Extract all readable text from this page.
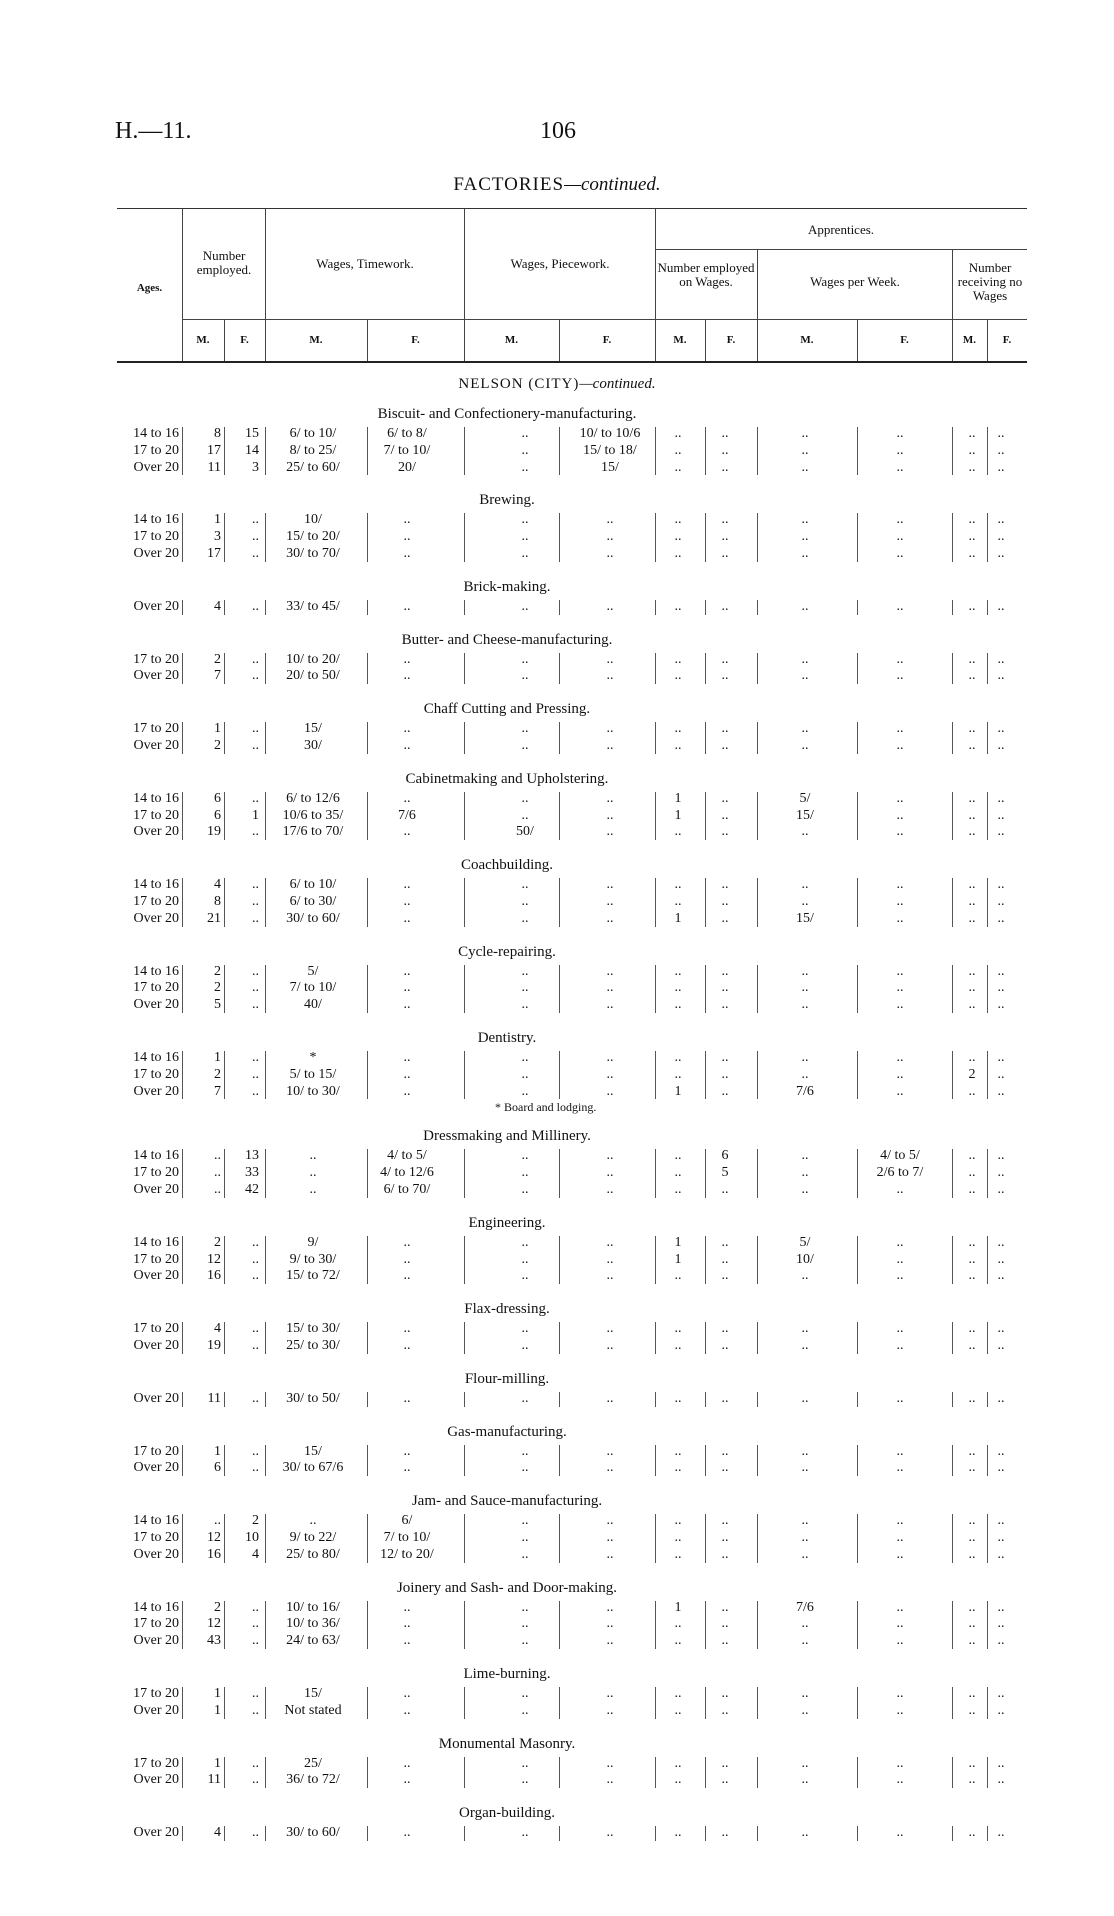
H.—11.	106
FACTORIES—continued.
Ages.
Number employed.	Wages, Timework.	Wages, Piecework.
Apprentices.
Number employed on Wages.	Wages per Week.
Number receiving no Wages
M.	F.	M.	F.	M.	F.	M.	F.	M.	F.	M.	F.
NELSON (CITY)—continued.
Biscuit- and Confectionery-manufacturing.
14 to 16	8	15	6/ to 10/	6/ to 8/	..	10/ to 10/6	..	..	..	..	..	..
17 to 20	17	14	8/ to 25/	7/ to 10/	..	15/ to 18/	..	..	..	..	..	..
Over 20	11	3	25/ to 60/	20/	..	15/	..	..	..	..	..	..
Brewing.
14 to 16	1	..	10/	..	..	..	..	..	..	..	..	..
17 to 20	3	..	15/ to 20/	..	..	..	..	..	..	..	..	..
Over 20	17	..	30/ to 70/	..	..	..	..	..	..	..	..	..
Brick-making.
Over 20	4	..	33/ to 45/	..	..	..	..	..	..	..	..	..
Butter- and Cheese-manufacturing.
17 to 20	2	..	10/ to 20/	..	..	..	..	..	..	..	..	..
Over 20	7	..	20/ to 50/	..	..	..	..	..	..	..	..	..
Chaff Cutting and Pressing.
17 to 20	1	..	15/	..	..	..	..	..	..	..	..	..
Over 20	2	..	30/	..	..	..	..	..	..	..	..	..
Cabinetmaking and Upholstering.
14 to 16	6	..	6/ to 12/6	..	..	..	1	..	5/	..	..	..
17 to 20	6	1	10/6 to 35/	7/6	..	..	1	..	15/	..	..	..
Over 20	19	..	17/6 to 70/	..	50/	..	..	..	..	..	..	..
Coachbuilding.
14 to 16	4	..	6/ to 10/	..	..	..	..	..	..	..	..	..
17 to 20	8	..	6/ to 30/	..	..	..	..	..	..	..	..	..
Over 20	21	..	30/ to 60/	..	..	..	1	..	15/	..	..	..
Cycle-repairing.
14 to 16	2	..	5/	..	..	..	..	..	..	..	..	..
17 to 20	2	..	7/ to 10/	..	..	..	..	..	..	..	..	..
Over 20	5	..	40/	..	..	..	..	..	..	..	..	..
Dentistry.
14 to 16	1	..	*	..	..	..	..	..	..	..	..	..
17 to 20	2	..	5/ to 15/	..	..	..	..	..	..	..	2	..
Over 20	7	..	10/ to 30/	..	..	..	1	..	7/6	..	..	..
* Board and lodging.
Dressmaking and Millinery.
14 to 16	..	13	..	4/ to 5/	..	..	..	6	..	4/ to 5/	..	..
17 to 20	..	33	..	4/ to 12/6	..	..	..	5	..	2/6 to 7/	..	..
Over 20	..	42	..	6/ to 70/	..	..	..	..	..	..	..	..
Engineering.
14 to 16	2	..	9/	..	..	..	1	..	5/	..	..	..
17 to 20	12	..	9/ to 30/	..	..	..	1	..	10/	..	..	..
Over 20	16	..	15/ to 72/	..	..	..	..	..	..	..	..	..
Flax-dressing.
17 to 20	4	..	15/ to 30/	..	..	..	..	..	..	..	..	..
Over 20	19	..	25/ to 30/	..	..	..	..	..	..	..	..	..
Flour-milling.
Over 20	11	..	30/ to 50/	..	..	..	..	..	..	..	..	..
Gas-manufacturing.
17 to 20	1	..	15/	..	..	..	..	..	..	..	..	..
Over 20	6	..	30/ to 67/6	..	..	..	..	..	..	..	..	..
Jam- and Sauce-manufacturing.
14 to 16	..	2	..	6/	..	..	..	..	..	..	..	..
17 to 20	12	10	9/ to 22/	7/ to 10/	..	..	..	..	..	..	..	..
Over 20	16	4	25/ to 80/	12/ to 20/	..	..	..	..	..	..	..	..
Joinery and Sash- and Door-making.
14 to 16	2	..	10/ to 16/	..	..	..	1	..	7/6	..	..	..
17 to 20	12	..	10/ to 36/	..	..	..	..	..	..	..	..	..
Over 20	43	..	24/ to 63/	..	..	..	..	..	..	..	..	..
Lime-burning.
17 to 20	1	..	15/	..	..	..	..	..	..	..	..	..
Over 20	1	..	Not stated	..	..	..	..	..	..	..	..	..
Monumental Masonry.
17 to 20	1	..	25/	..	..	..	..	..	..	..	..	..
Over 20	11	..	36/ to 72/	..	..	..	..	..	..	..	..	..
Organ-building.
Over 20	4	..	30/ to 60/	..	..	..	..	..	..	..	..	..
